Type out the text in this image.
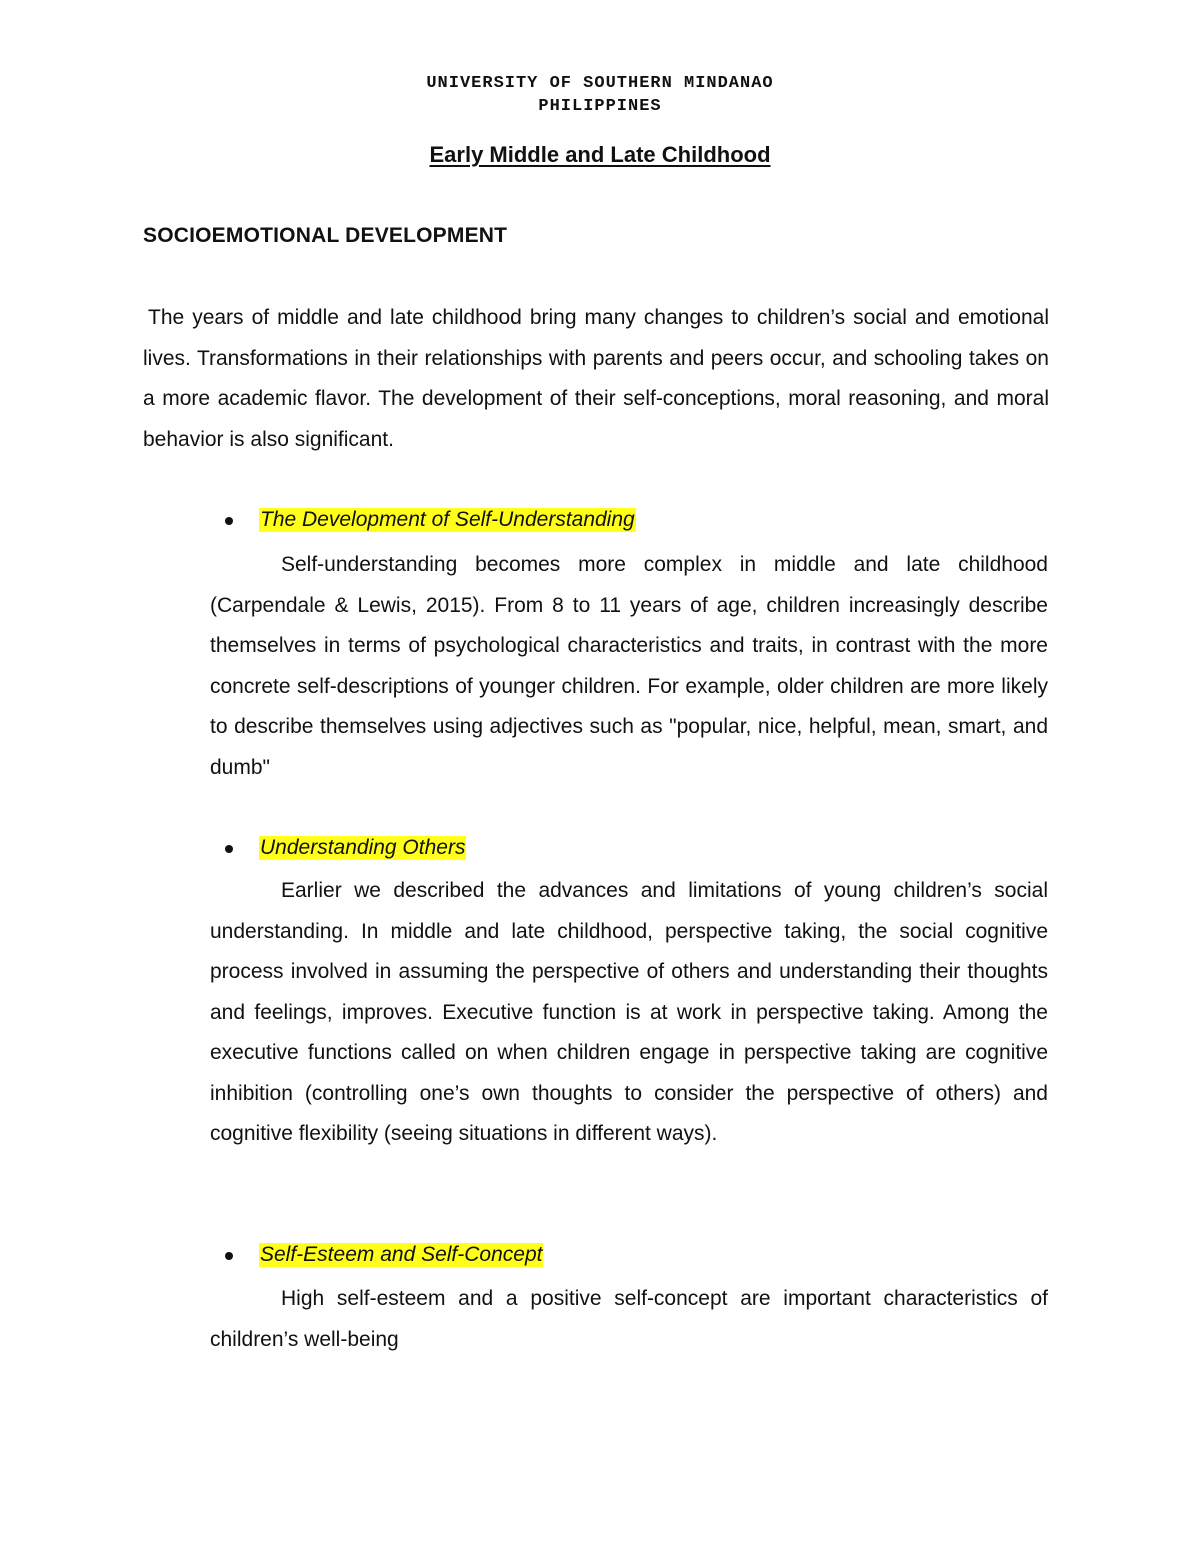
UNIVERSITY OF SOUTHERN MINDANAO
PHILIPPINES
Early Middle and Late Childhood
SOCIOEMOTIONAL DEVELOPMENT

The years of middle and late childhood bring many changes to children’s social and emotional lives. Transformations in their relationships with parents and peers occur, and schooling takes on a more academic flavor. The development of their self-conceptions, moral reasoning, and moral behavior is also significant.

The Development of Self-Understanding

Self-understanding becomes more complex in middle and late childhood (Carpendale & Lewis, 2015). From 8 to 11 years of age, children increasingly describe themselves in terms of psychological characteristics and traits, in contrast with the more concrete self-descriptions of younger children. For example, older children are more likely to describe themselves using adjectives such as "popular, nice, helpful, mean, smart, and dumb"

Understanding Others

Earlier we described the advances and limitations of young children’s social understanding. In middle and late childhood, perspective taking, the social cognitive process involved in assuming the perspective of others and understanding their thoughts and feelings, improves. Executive function is at work in perspective taking. Among the executive functions called on when children engage in perspective taking are cognitive inhibition (controlling one’s own thoughts to consider the perspective of others) and cognitive flexibility (seeing situations in different ways).

Self-Esteem and Self-Concept

High self-esteem and a positive self-concept are important characteristics of children’s well-being
